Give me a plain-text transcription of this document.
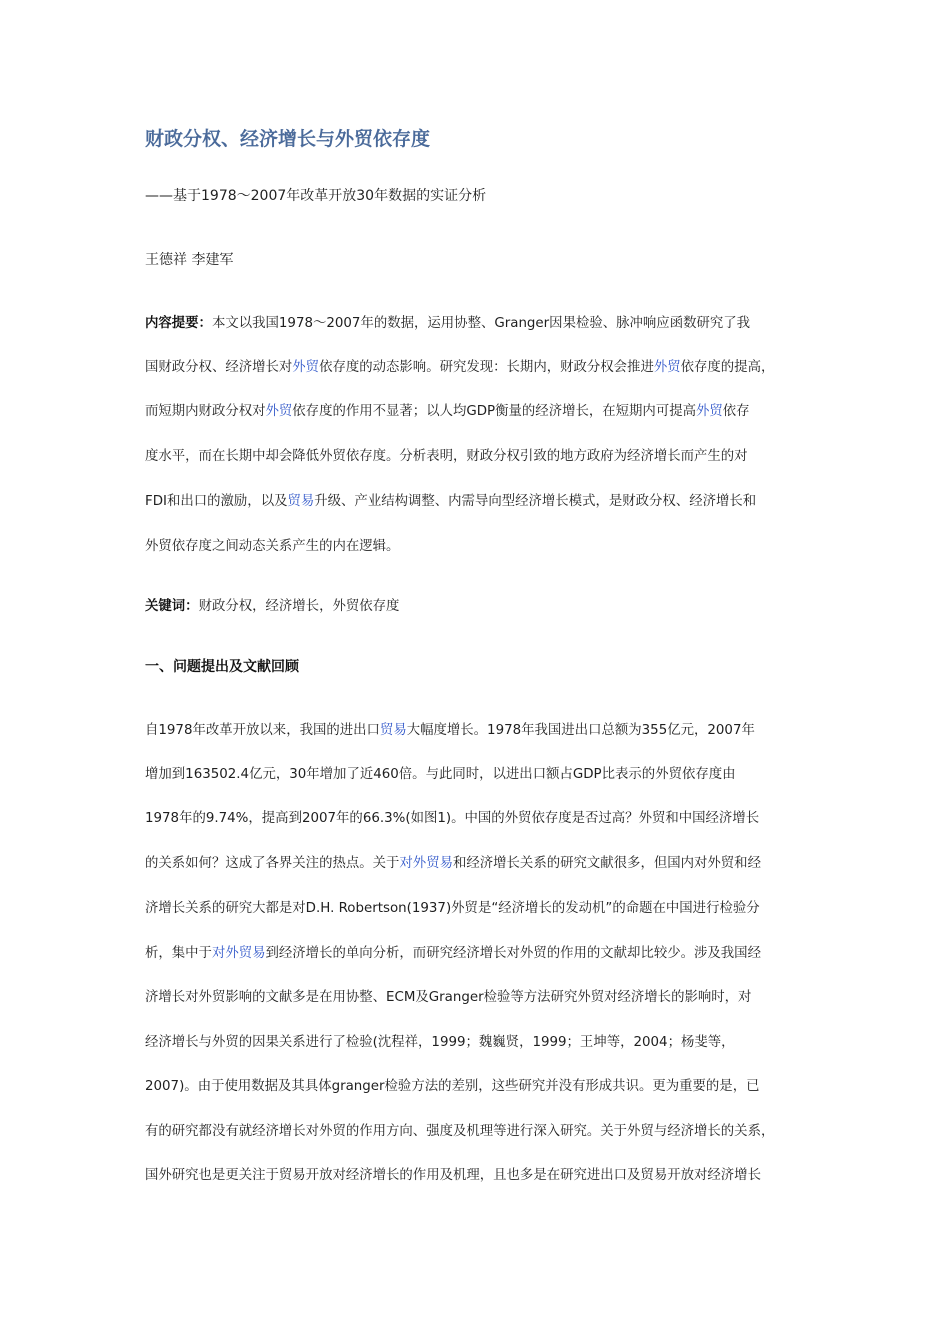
财政分权、经济增长与外贸依存度

——基于1978～2007年改革开放30年数据的实证分析

王德祥 李建军

内容提要：本文以我国1978～2007年的数据，运用协整、Granger因果检验、脉冲响应函数研究了我

国财政分权、经济增长对外贸依存度的动态影响。研究发现：长期内，财政分权会推进外贸依存度的提高，

而短期内财政分权对外贸依存度的作用不显著；以人均GDP衡量的经济增长，在短期内可提高外贸依存

度水平，而在长期中却会降低外贸依存度。分析表明，财政分权引致的地方政府为经济增长而产生的对

FDI和出口的激励，以及贸易升级、产业结构调整、内需导向型经济增长模式，是财政分权、经济增长和

外贸依存度之间动态关系产生的内在逻辑。

关键词：财政分权，经济增长，外贸依存度

一、问题提出及文献回顾

自1978年改革开放以来，我国的进出口贸易大幅度增长。1978年我国进出口总额为355亿元，2007年

增加到163502.4亿元，30年增加了近460倍。与此同时，以进出口额占GDP比表示的外贸依存度由

1978年的9.74%，提高到2007年的66.3%(如图1)。中国的外贸依存度是否过高？外贸和中国经济增长

的关系如何？这成了各界关注的热点。关于对外贸易和经济增长关系的研究文献很多，但国内对外贸和经

济增长关系的研究大都是对D.H. Robertson(1937)外贸是“经济增长的发动机”的命题在中国进行检验分

析，集中于对外贸易到经济增长的单向分析，而研究经济增长对外贸的作用的文献却比较少。涉及我国经

济增长对外贸影响的文献多是在用协整、ECM及Granger检验等方法研究外贸对经济增长的影响时，对

经济增长与外贸的因果关系进行了检验(沈程祥，1999；魏巍贤，1999；王坤等，2004；杨斐等，

2007)。由于使用数据及其具体granger检验方法的差别，这些研究并没有形成共识。更为重要的是，已

有的研究都没有就经济增长对外贸的作用方向、强度及机理等进行深入研究。关于外贸与经济增长的关系，

国外研究也是更关注于贸易开放对经济增长的作用及机理，且也多是在研究进出口及贸易开放对经济增长
